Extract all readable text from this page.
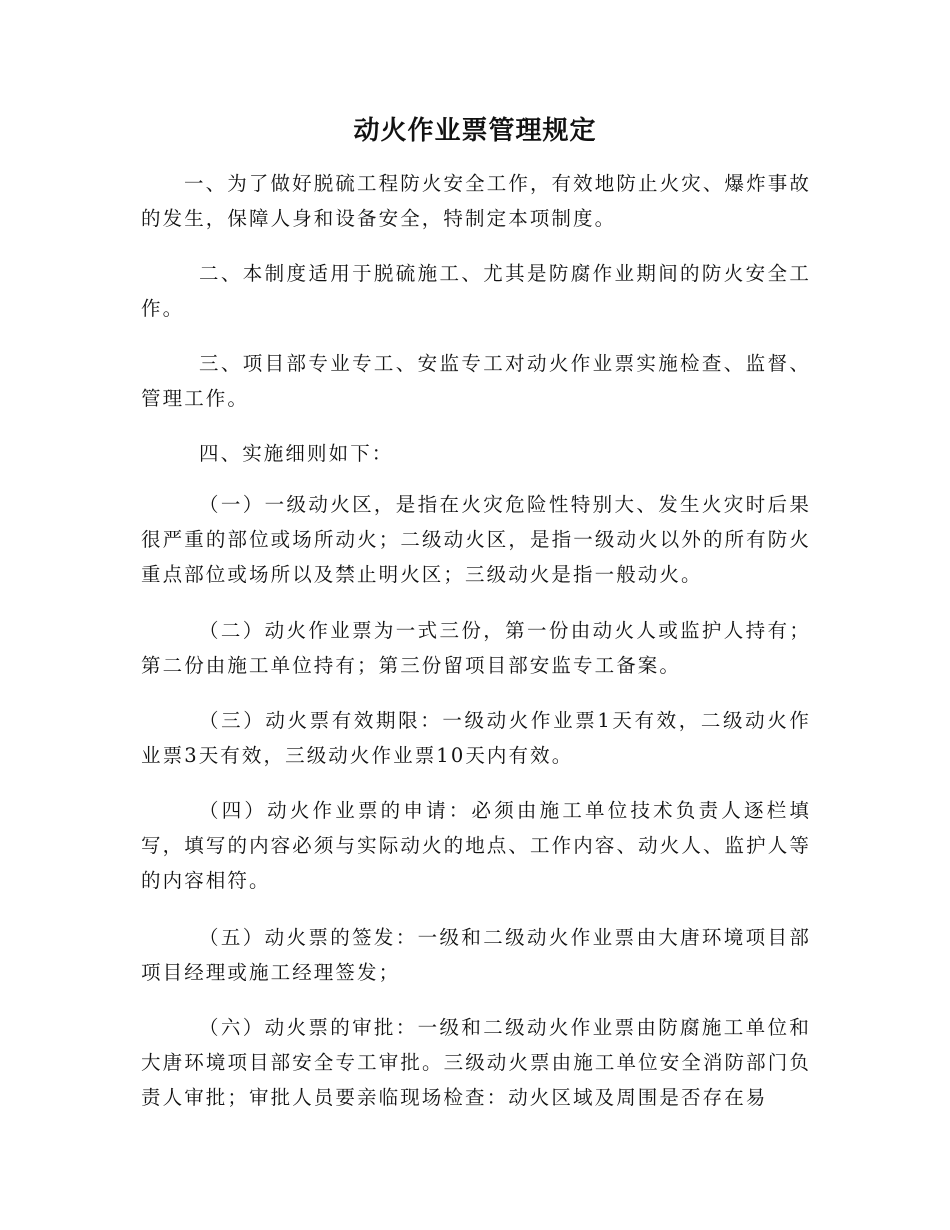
动火作业票管理规定

一、为了做好脱硫工程防火安全工作，有效地防止火灾、爆炸事故的发生，保障人身和设备安全，特制定本项制度。

二、本制度适用于脱硫施工、尤其是防腐作业期间的防火安全工作。

三、项目部专业专工、安监专工对动火作业票实施检查、监督、管理工作。

四、实施细则如下：

（一）一级动火区，是指在火灾危险性特别大、发生火灾时后果很严重的部位或场所动火；二级动火区，是指一级动火以外的所有防火重点部位或场所以及禁止明火区；三级动火是指一般动火。

（二）动火作业票为一式三份，第一份由动火人或监护人持有；第二份由施工单位持有；第三份留项目部安监专工备案。

（三）动火票有效期限：一级动火作业票1天有效，二级动火作业票3天有效，三级动火作业票10天内有效。

（四）动火作业票的申请：必须由施工单位技术负责人逐栏填写，填写的内容必须与实际动火的地点、工作内容、动火人、监护人等的内容相符。

（五）动火票的签发：一级和二级动火作业票由大唐环境项目部项目经理或施工经理签发；

（六）动火票的审批：一级和二级动火作业票由防腐施工单位和大唐环境项目部安全专工审批。三级动火票由施工单位安全消防部门负责人审批；审批人员要亲临现场检查：动火区域及周围是否存在易
